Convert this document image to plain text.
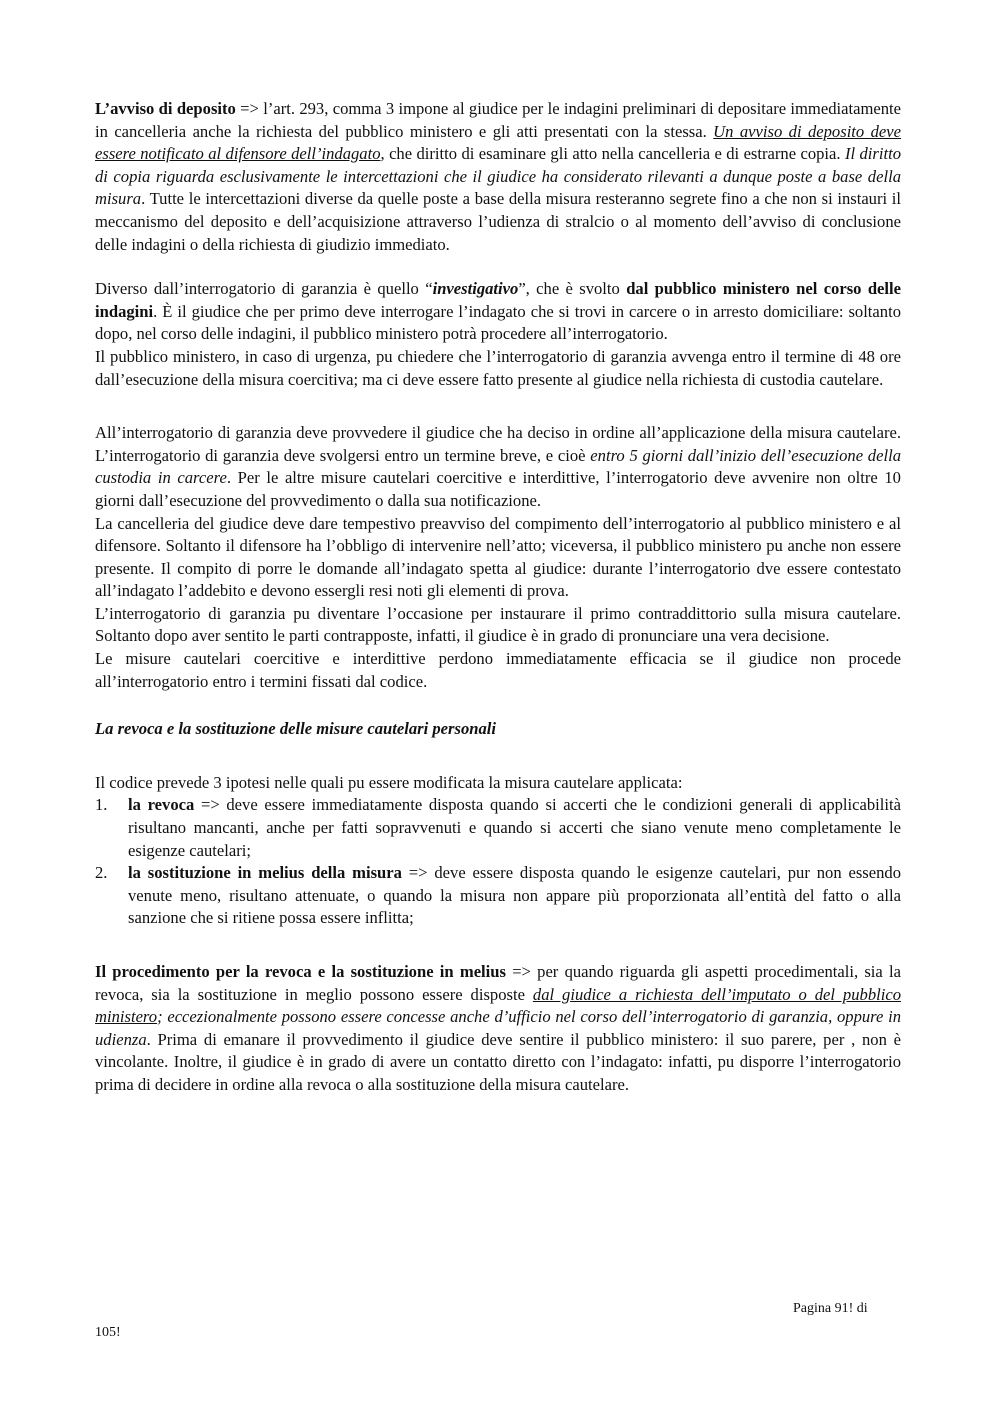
L’avviso di deposito => l’art. 293, comma 3 impone al giudice per le indagini preliminari di depositare immediatamente in cancelleria anche la richiesta del pubblico ministero e gli atti presentati con la stessa. Un avviso di deposito deve essere notificato al difensore dell’indagato, che diritto di esaminare gli atto nella cancelleria e di estrarne copia. Il diritto di copia riguarda esclusivamente le intercettazioni che il giudice ha considerato rilevanti a dunque poste a base della misura. Tutte le intercettazioni diverse da quelle poste a base della misura resteranno segrete fino a che non si instauri il meccanismo del deposito e dell’acquisizione attraverso l’udienza di stralcio o al momento dell’avviso di conclusione delle indagini o della richiesta di giudizio immediato.

Diverso dall’interrogatorio di garanzia è quello “investigativo”, che è svolto dal pubblico ministero nel corso delle indagini. È il giudice che per primo deve interrogare l’indagato che si trovi in carcere o in arresto domiciliare: soltanto dopo, nel corso delle indagini, il pubblico ministero potrà procedere all’interrogatorio.

Il pubblico ministero, in caso di urgenza, pu chiedere che l’interrogatorio di garanzia avvenga entro il termine di 48 ore dall’esecuzione della misura coercitiva; ma ci deve essere fatto presente al giudice nella richiesta di custodia cautelare.

All’interrogatorio di garanzia deve provvedere il giudice che ha deciso in ordine all’applicazione della misura cautelare. L’interrogatorio di garanzia deve svolgersi entro un termine breve, e cioè entro 5 giorni dall’inizio dell’esecuzione della custodia in carcere. Per le altre misure cautelari coercitive e interdittive, l’interrogatorio deve avvenire non oltre 10 giorni dall’esecuzione del provvedimento o dalla sua notificazione.

La cancelleria del giudice deve dare tempestivo preavviso del compimento dell’interrogatorio al pubblico ministero e al difensore. Soltanto il difensore ha l’obbligo di intervenire nell’atto; viceversa, il pubblico ministero pu anche non essere presente. Il compito di porre le domande all’indagato spetta al giudice: durante l’interrogatorio dve essere contestato all’indagato l’addebito e devono essergli resi noti gli elementi di prova.

L’interrogatorio di garanzia pu diventare l’occasione per instaurare il primo contraddittorio sulla misura cautelare. Soltanto dopo aver sentito le parti contrapposte, infatti, il giudice è in grado di pronunciare una vera decisione.

Le misure cautelari coercitive e interdittive perdono immediatamente efficacia se il giudice non procede all’interrogatorio entro i termini fissati dal codice.

La revoca e la sostituzione delle misure cautelari personali

Il codice prevede 3 ipotesi nelle quali pu essere modificata la misura cautelare applicata:

1. la revoca => deve essere immediatamente disposta quando si accerti che le condizioni generali di applicabilità risultano mancanti, anche per fatti sopravvenuti e quando si accerti che siano venute meno completamente le esigenze cautelari;
2. la sostituzione in melius della misura => deve essere disposta quando le esigenze cautelari, pur non essendo venute meno, risultano attenuate, o quando la misura non appare più proporzionata all’entità del fatto o alla sanzione che si ritiene possa essere inflitta;

Il procedimento per la revoca e la sostituzione in melius => per quando riguarda gli aspetti procedimentali, sia la revoca, sia la sostituzione in meglio possono essere disposte dal giudice a richiesta dell’imputato o del pubblico ministero; eccezionalmente possono essere concesse anche d’ufficio nel corso dell’interrogatorio di garanzia, oppure in udienza. Prima di emanare il provvedimento il giudice deve sentire il pubblico ministero: il suo parere, per , non è vincolante. Inoltre, il giudice è in grado di avere un contatto diretto con l’indagato: infatti, pu disporre l’interrogatorio prima di decidere in ordine alla revoca o alla sostituzione della misura cautelare.

Pagina 91! di
105!
